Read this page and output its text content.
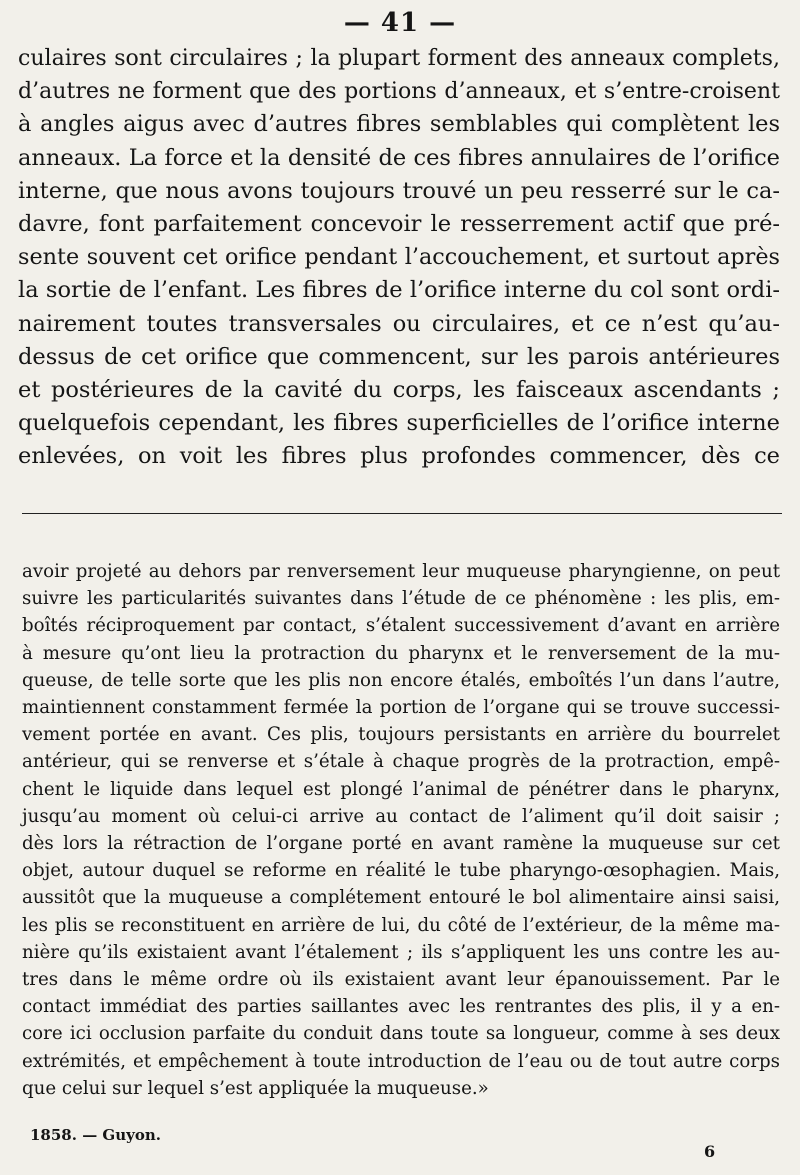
— 41 —
culaires sont circulaires ; la plupart forment des anneaux complets,
d’autres ne forment que des portions d’anneaux, et s’entre-croisent
à angles aigus avec d’autres fibres semblables qui complètent les
anneaux. La force et la densité de ces fibres annulaires de l’orifice
interne, que nous avons toujours trouvé un peu resserré sur le ca-
davre, font parfaitement concevoir le resserrement actif que pré-
sente souvent cet orifice pendant l’accouchement, et surtout après
la sortie de l’enfant. Les fibres de l’orifice interne du col sont ordi-
nairement toutes transversales ou circulaires, et ce n’est qu’au-
dessus de cet orifice que commencent, sur les parois antérieures
et postérieures de la cavité du corps, les faisceaux ascendants ;
quelquefois cependant, les fibres superficielles de l’orifice interne
enlevées, on voit les fibres plus profondes commencer, dès ce
avoir projeté au dehors par renversement leur muqueuse pharyngienne, on peut
suivre les particularités suivantes dans l’étude de ce phénomène : les plis, em-
boîtés réciproquement par contact, s’étalent successivement d’avant en arrière
à mesure qu’ont lieu la protraction du pharynx et le renversement de la mu-
queuse, de telle sorte que les plis non encore étalés, emboîtés l’un dans l’autre,
maintiennent constamment fermée la portion de l’organe qui se trouve successi-
vement portée en avant. Ces plis, toujours persistants en arrière du bourrelet
antérieur, qui se renverse et s’étale à chaque progrès de la protraction, empê-
chent le liquide dans lequel est plongé l’animal de pénétrer dans le pharynx,
jusqu’au moment où celui-ci arrive au contact de l’aliment qu’il doit saisir ;
dès lors la rétraction de l’organe porté en avant ramène la muqueuse sur cet
objet, autour duquel se reforme en réalité le tube pharyngo-œsophagien. Mais,
aussitôt que la muqueuse a complétement entouré le bol alimentaire ainsi saisi,
les plis se reconstituent en arrière de lui, du côté de l’extérieur, de la même ma-
nière qu’ils existaient avant l’étalement ; ils s’appliquent les uns contre les au-
tres dans le même ordre où ils existaient avant leur épanouissement. Par le
contact immédiat des parties saillantes avec les rentrantes des plis, il y a en-
core ici occlusion parfaite du conduit dans toute sa longueur, comme à ses deux
extrémités, et empêchement à toute introduction de l’eau ou de tout autre corps
que celui sur lequel s’est appliquée la muqueuse.»
1858. — Guyon.
6
